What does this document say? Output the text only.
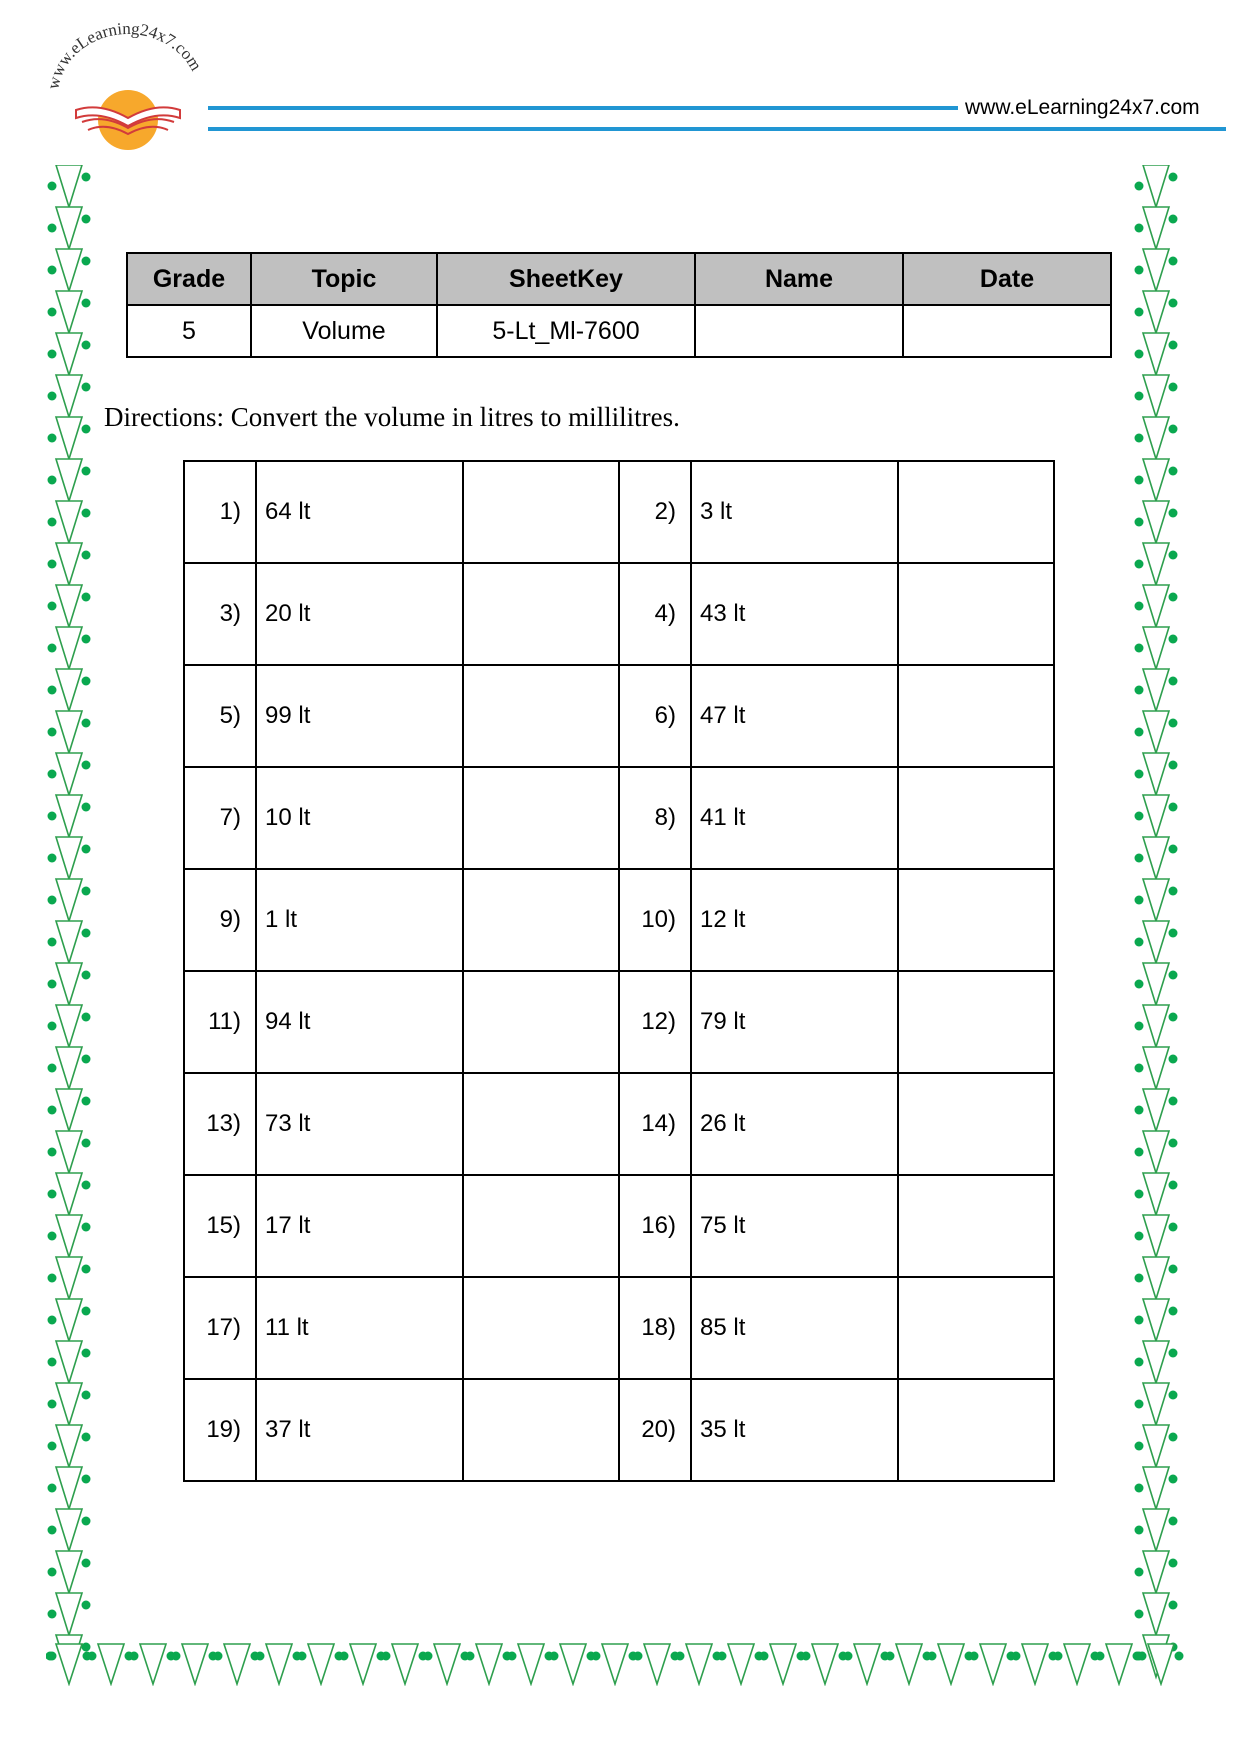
www.eLearning24x7.com
www.eLearning24x7.com
Grade	Topic	SheetKey	Name	Date
5	Volume	5-Lt_Ml-7600		
Directions: Convert the volume in litres to millilitres.
1)	64 lt		2)	3 lt	
3)	20 lt		4)	43 lt	
5)	99 lt		6)	47 lt	
7)	10 lt		8)	41 lt	
9)	1 lt		10)	12 lt	
11)	94 lt		12)	79 lt	
13)	73 lt		14)	26 lt	
15)	17 lt		16)	75 lt	
17)	11 lt		18)	85 lt	
19)	37 lt		20)	35 lt	
